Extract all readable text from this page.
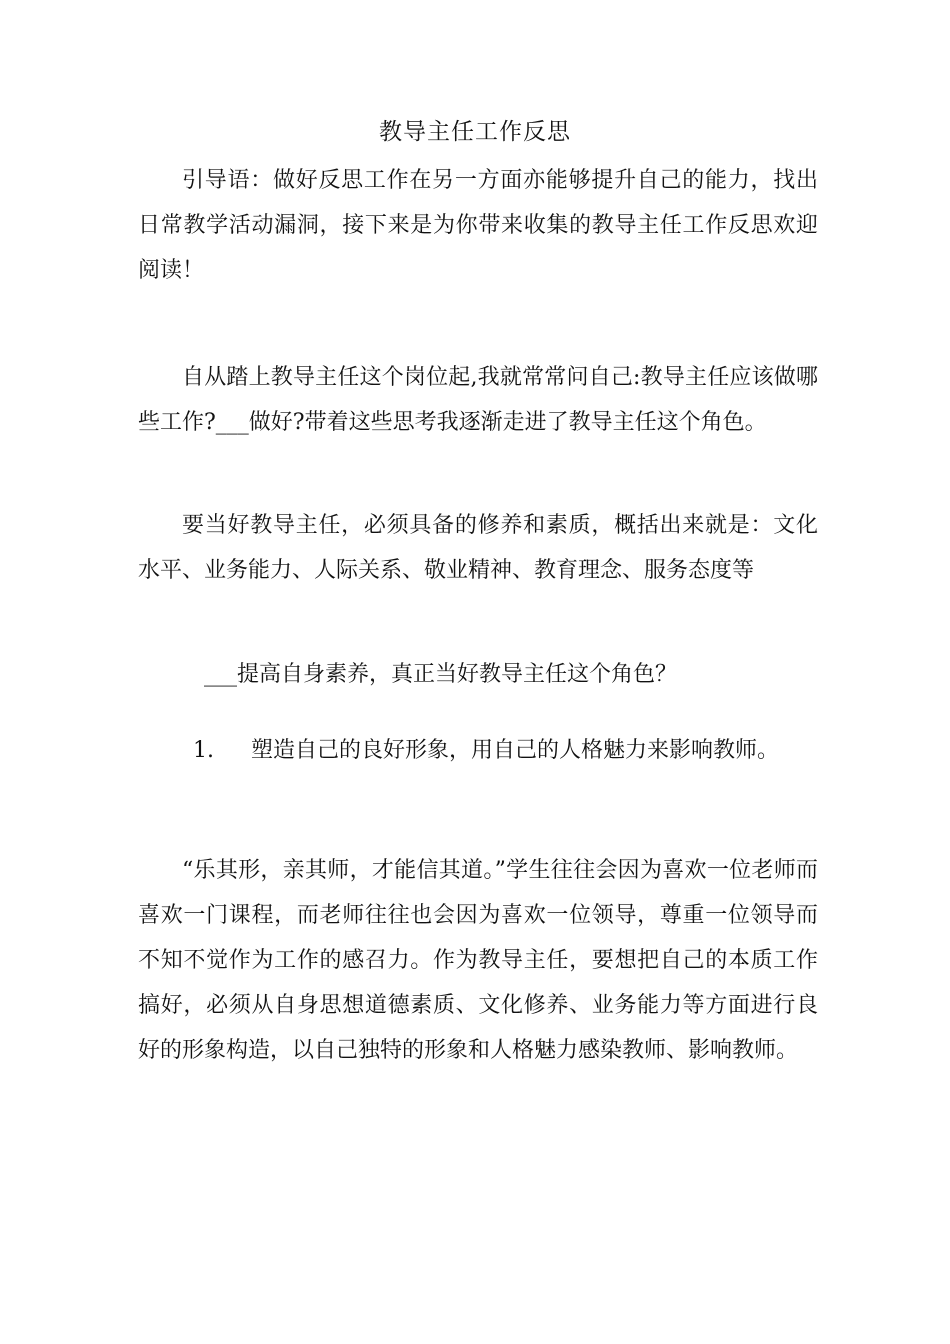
教导主任工作反思

引导语：做好反思工作在另一方面亦能够提升自己的能力，找出日常教学活动漏洞，接下来是为你带来收集的教导主任工作反思欢迎阅读！

自从踏上教导主任这个岗位起,我就常常问自己:教导主任应该做哪些工作?___做好?带着这些思考我逐渐走进了教导主任这个角色。

要当好教导主任，必须具备的修养和素质，概括出来就是：文化水平、业务能力、人际关系、敬业精神、教育理念、服务态度等

___提高自身素养，真正当好教导主任这个角色？

1. 塑造自己的良好形象，用自己的人格魅力来影响教师。

“乐其形，亲其师，才能信其道。”学生往往会因为喜欢一位老师而喜欢一门课程，而老师往往也会因为喜欢一位领导，尊重一位领导而不知不觉作为工作的感召力。作为教导主任，要想把自己的本质工作搞好，必须从自身思想道德素质、文化修养、业务能力等方面进行良好的形象构造，以自己独特的形象和人格魅力感染教师、影响教师。
